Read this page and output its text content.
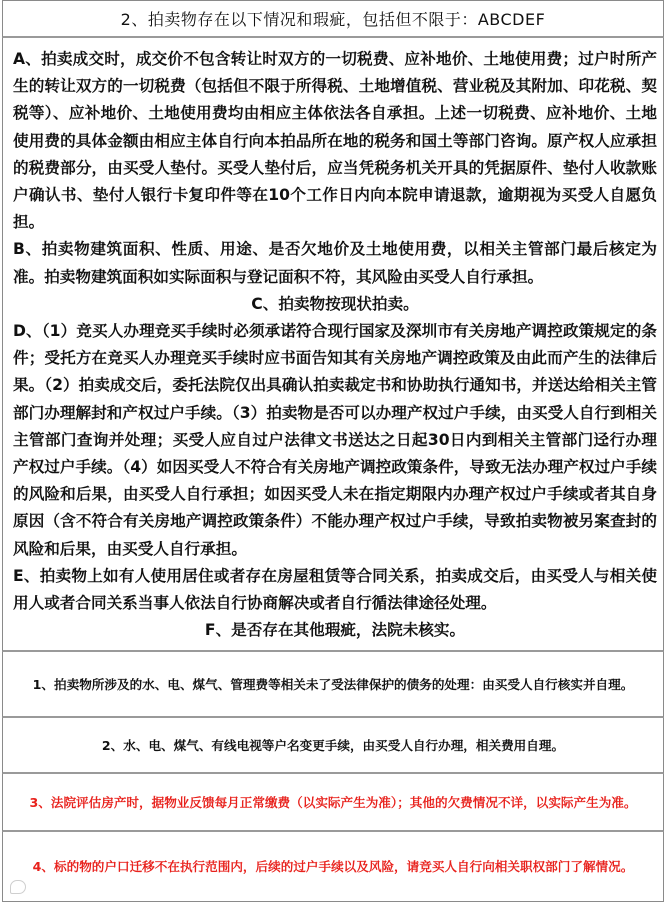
2、拍卖物存在以下情况和瑕疵，包括但不限于：ABCDEF

A、拍卖成交时，成交价不包含转让时双方的一切税费、应补地价、土地使用费；过户时所产生的转让双方的一切税费（包括但不限于所得税、土地增值税、营业税及其附加、印花税、契税等）、应补地价、土地使用费均由相应主体依法各自承担。上述一切税费、应补地价、土地使用费的具体金额由相应主体自行向本拍品所在地的税务和国土等部门咨询。原产权人应承担的税费部分，由买受人垫付。买受人垫付后，应当凭税务机关开具的凭据原件、垫付人收款账户确认书、垫付人银行卡复印件等在10个工作日内向本院申请退款，逾期视为买受人自愿负担。

B、拍卖物建筑面积、性质、用途、是否欠地价及土地使用费，以相关主管部门最后核定为准。拍卖物建筑面积如实际面积与登记面积不符，其风险由买受人自行承担。

C、拍卖物按现状拍卖。

D、（1）竞买人办理竞买手续时必须承诺符合现行国家及深圳市有关房地产调控政策规定的条件；受托方在竞买人办理竞买手续时应书面告知其有关房地产调控政策及由此而产生的法律后果。（2）拍卖成交后，委托法院仅出具确认拍卖裁定书和协助执行通知书，并送达给相关主管部门办理解封和产权过户手续。（3）拍卖物是否可以办理产权过户手续，由买受人自行到相关主管部门查询并处理；买受人应自过户法律文书送达之日起30日内到相关主管部门迳行办理产权过户手续。（4）如因买受人不符合有关房地产调控政策条件，导致无法办理产权过户手续的风险和后果，由买受人自行承担；如因买受人未在指定期限内办理产权过户手续或者其自身原因（含不符合有关房地产调控政策条件）不能办理产权过户手续，导致拍卖物被另案查封的风险和后果，由买受人自行承担。

E、拍卖物上如有人使用居住或者存在房屋租赁等合同关系，拍卖成交后，由买受人与相关使用人或者合同关系当事人依法自行协商解决或者自行循法律途径处理。

F、是否存在其他瑕疵，法院未核实。

1、拍卖物所涉及的水、电、煤气、管理费等相关未了受法律保护的债务的处理：由买受人自行核实并自理。
2、水、电、煤气、有线电视等户名变更手续，由买受人自行办理，相关费用自理。
3、法院评估房产时，据物业反馈每月正常缴费（以实际产生为准）；其他的欠费情况不详，以实际产生为准。
4、标的物的户口迁移不在执行范围内，后续的过户手续以及风险，请竞买人自行向相关职权部门了解情况。
